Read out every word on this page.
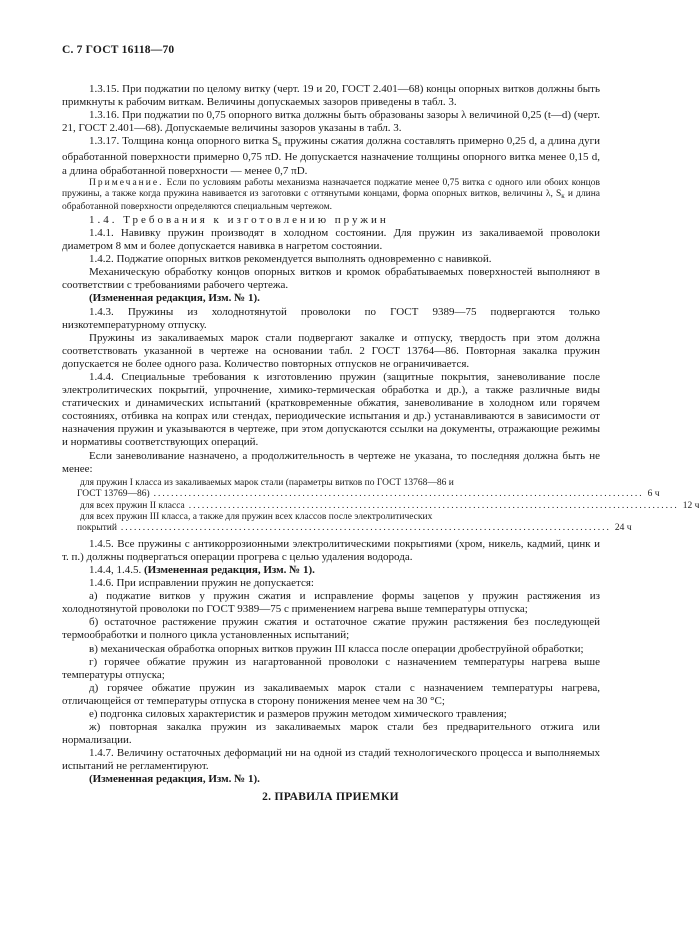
С. 7 ГОСТ 16118—70

1.3.15. При поджатии по целому витку (черт. 19 и 20, ГОСТ 2.401—68) концы опорных витков должны быть примкнуты к рабочим виткам. Величины допускаемых зазоров приведены в табл. 3.

1.3.16. При поджатии по 0,75 опорного витка должны быть образованы зазоры λ величиной 0,25 (t—d) (черт. 21, ГОСТ 2.401—68). Допускаемые величины зазоров указаны в табл. 3.

1.3.17. Толщина конца опорного витка $S_к$ пружины сжатия должна составлять примерно 0,25 d, а длина дуги обработанной поверхности примерно 0,75 πD. Не допускается назначение толщины опорного витка менее 0,15 d, а длина обработанной поверхности — менее 0,7 πD.

Примечание. Если по условиям работы механизма назначается поджатие менее 0,75 витка с одного или обоих концов пружины, а также когда пружина навивается из заготовки с оттянутыми концами, форма опорных витков, величины λ, $S_к$ и длина обработанной поверхности определяются специальным чертежом.

1.4. Требования к изготовлению пружин

1.4.1. Навивку пружин производят в холодном состоянии. Для пружин из закаливаемой проволоки диаметром 8 мм и более допускается навивка в нагретом состоянии.

1.4.2. Поджатие опорных витков рекомендуется выполнять одновременно с навивкой.

Механическую обработку концов опорных витков и кромок обрабатываемых поверхностей выполняют в соответствии с требованиями рабочего чертежа.

(Измененная редакция, Изм. № 1).

1.4.3. Пружины из холоднотянутой проволоки по ГОСТ 9389—75 подвергаются только низкотемпературному отпуску.

Пружины из закаливаемых марок стали подвергают закалке и отпуску, твердость при этом должна соответствовать указанной в чертеже на основании табл. 2 ГОСТ 13764—86. Повторная закалка пружин допускается не более одного раза. Количество повторных отпусков не ограничивается.

1.4.4. Специальные требования к изготовлению пружин (защитные покрытия, заневоливание после электролитических покрытий, упрочнение, химико-термическая обработка и др.), а также различные виды статических и динамических испытаний (кратковременные обжатия, заневоливание в холодном или горячем состояниях, отбивка на копрах или стендах, периодические испытания и др.) устанавливаются в зависимости от назначения пружин и указываются в чертеже, при этом допускаются ссылки на документы, отражающие режимы и нормативы соответствующих операций.

Если заневоливание назначено, а продолжительность в чертеже не указана, то последняя должна быть не менее:

для пружин I класса из закаливаемых марок стали (параметры витков по ГОСТ 13768—86 и
ГОСТ 13769—86) ................................................................................................................ 6 ч
для всех пружин II класса ................................................................................................................ 12 ч
для всех пружин III класса, а также для пружин всех классов после электролитических
покрытий ................................................................................................................ 24 ч

1.4.5. Все пружины с антикоррозионными электролитическими покрытиями (хром, никель, кадмий, цинк и т. п.) должны подвергаться операции прогрева с целью удаления водорода.

1.4.4, 1.4.5. (Измененная редакция, Изм. № 1).

1.4.6. При исправлении пружин не допускается:

а) поджатие витков у пружин сжатия и исправление формы зацепов у пружин растяжения из холоднотянутой проволоки по ГОСТ 9389—75 с применением нагрева выше температуры отпуска;

б) остаточное растяжение пружин сжатия и остаточное сжатие пружин растяжения без последующей термообработки и полного цикла установленных испытаний;

в) механическая обработка опорных витков пружин III класса после операции дробеструйной обработки;

г) горячее обжатие пружин из нагартованной проволоки с назначением температуры нагрева выше температуры отпуска;

д) горячее обжатие пружин из закаливаемых марок стали с назначением температуры нагрева, отличающейся от температуры отпуска в сторону понижения менее чем на 30 °С;

е) подгонка силовых характеристик и размеров пружин методом химического травления;

ж) повторная закалка пружин из закаливаемых марок стали без предварительного отжига или нормализации.

1.4.7. Величину остаточных деформаций ни на одной из стадий технологического процесса и выполняемых испытаний не регламентируют.

(Измененная редакция, Изм. № 1).

2. ПРАВИЛА ПРИЕМКИ
